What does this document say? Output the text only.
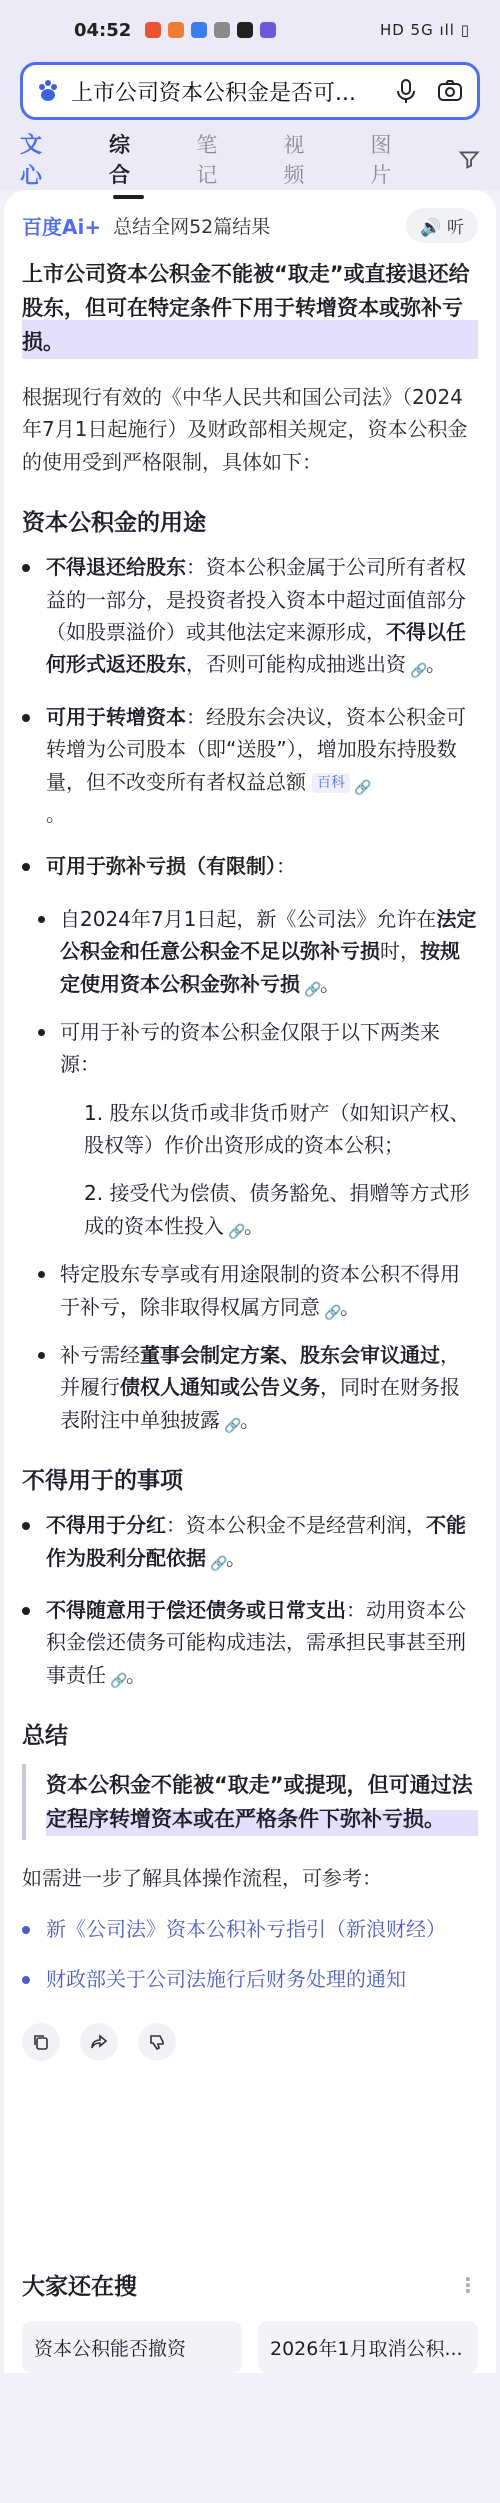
04:52	HD 5G ıll ▯
上市公司资本公积金是否可...
文心
综合
笔记
视频
图片
百度Ai+ 总结全网52篇结果	🔊 听
上市公司资本公积金不能被“取走”或直接退还给股东，但可在特定条件下用于转增资本或弥补亏损。

根据现行有效的《中华人民共和国公司法》（2024年7月1日起施行）及财政部相关规定，资本公积金的使用受到严格限制，具体如下：

资本公积金的用途
不得退还给股东：资本公积金属于公司所有者权益的一部分，是投资者投入资本中超过面值部分（如股票溢价）或其他法定来源形成，不得以任何形式返还股东，否则可能构成抽逃出资 🔗。
可用于转增资本：经股东会决议，资本公积金可转增为公司股本（即“送股”），增加股东持股数量，但不改变所有者权益总额 百科 🔗
。
可用于弥补亏损（有限制）：
自2024年7月1日起，新《公司法》允许在法定公积金和任意公积金不足以弥补亏损时，按规定使用资本公积金弥补亏损 🔗。
可用于补亏的资本公积金仅限于以下两类来源：
1. 股东以货币或非货币财产（如知识产权、股权等）作价出资形成的资本公积；
2. 接受代为偿债、债务豁免、捐赠等方式形成的资本性投入 🔗。
特定股东专享或有用途限制的资本公积不得用于补亏，除非取得权属方同意 🔗。
补亏需经董事会制定方案、股东会审议通过，并履行债权人通知或公告义务，同时在财务报表附注中单独披露 🔗。
不得用于的事项
不得用于分红：资本公积金不是经营利润，不能作为股利分配依据 🔗。
不得随意用于偿还债务或日常支出：动用资本公积金偿还债务可能构成违法，需承担民事甚至刑事责任 🔗。
总结
资本公积金不能被“取走”或提现，但可通过法定程序转增资本或在严格条件下弥补亏损。

如需进一步了解具体操作流程，可参考：

新《公司法》资本公积补亏指引（新浪财经）
财政部关于公司法施行后财务处理的通知
大家还在搜	⋮
资本公积能否撤资	2026年1月取消公积...
